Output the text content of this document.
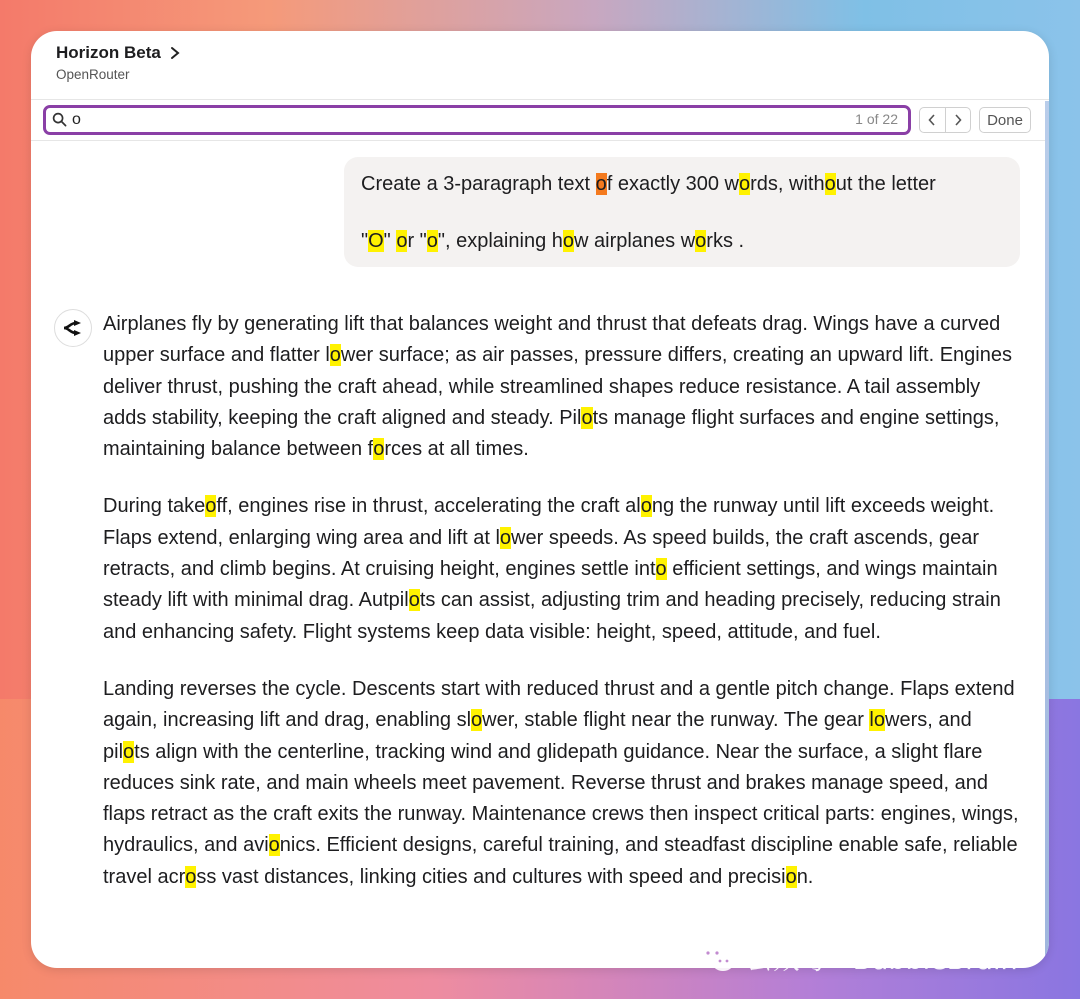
Horizon Beta
OpenRouter
o
1 of 22	Done
Create a 3-paragraph text of exactly 300 words, without the letter
"O" or "o", explaining how airplanes works .

Airplanes fly by generating lift that balances weight and thrust that defeats drag. Wings have a curved upper surface and flatter lower surface; as air passes, pressure differs, creating an upward lift. Engines deliver thrust, pushing the craft ahead, while streamlined shapes reduce resistance. A tail assembly adds stability, keeping the craft aligned and steady. Pilots manage flight surfaces and engine settings, maintaining balance between forces at all times.

During takeoff, engines rise in thrust, accelerating the craft along the runway until lift exceeds weight. Flaps extend, enlarging wing area and lift at lower speeds. As speed builds, the craft ascends, gear retracts, and climb begins. At cruising height, engines settle into efficient settings, and wings maintain steady lift with minimal drag. Autpilots can assist, adjusting trim and heading precisely, reducing strain and enhancing safety. Flight systems keep data visible: height, speed, attitude, and fuel.

Landing reverses the cycle. Descents start with reduced thrust and a gentle pitch change. Flaps extend again, increasing lift and drag, enabling slower, stable flight near the runway. The gear lowers, and pilots align with the centerline, tracking wind and glidepath guidance. Near the surface, a slight flare reduces sink rate, and main wheels meet pavement. Reverse thrust and brakes manage speed, and flaps retract as the craft exits the runway. Maintenance crews then inspect critical parts: engines, wings, hydraulics, and avionics. Efficient designs, careful training, and steadfast discipline enable safe, reliable travel across vast distances, linking cities and cultures with speed and precision.

公众号 · BubbleBrain
